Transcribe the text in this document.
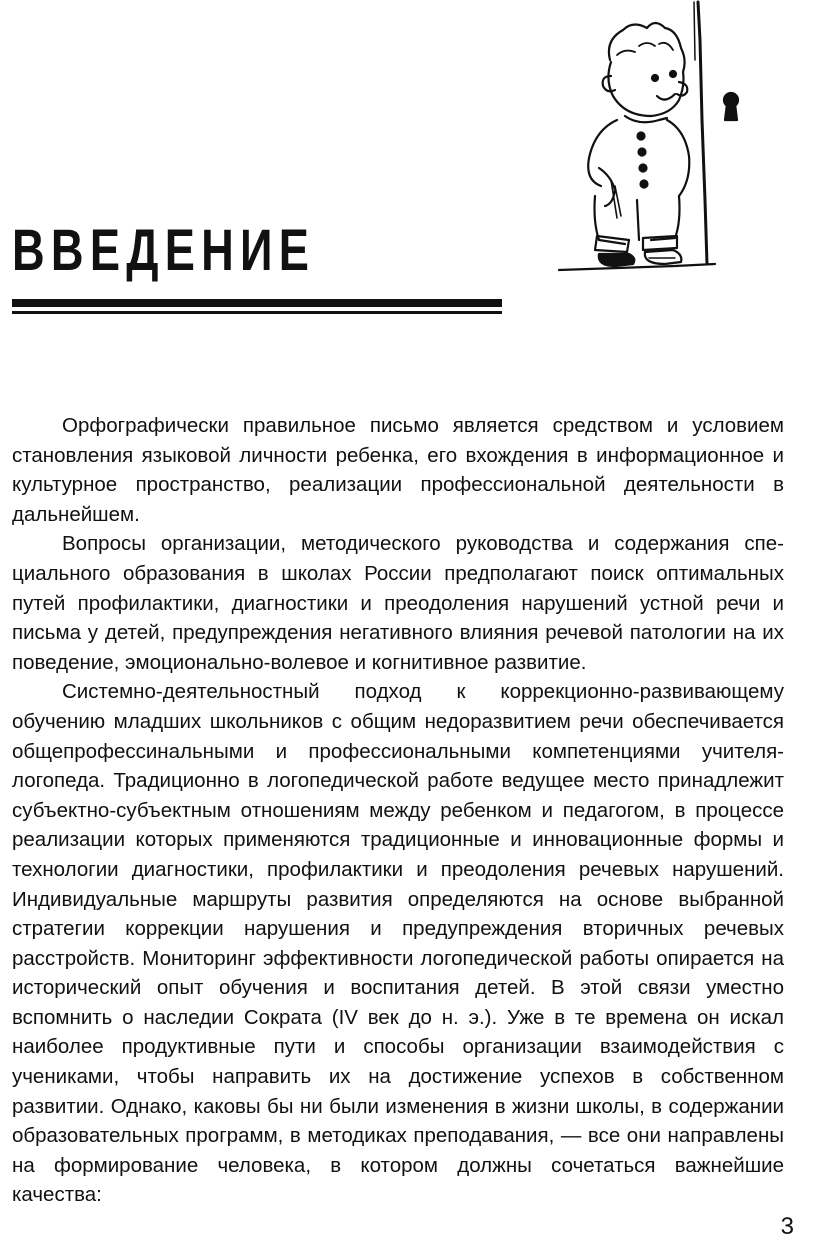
ВВЕДЕНИЕ

Орфографически правильное письмо является средством и условием становления языковой личности ребенка, его вхождения в информационное и культурное пространство, реализации профессиональной деятельности в дальнейшем.

Вопросы организации, методического руководства и содержания специального образования в школах России предполагают поиск оптимальных путей профилактики, диагностики и преодоления нарушений устной речи и письма у детей, предупреждения негативного влияния речевой патологии на их поведение, эмоционально-волевое и когнитивное развитие.

Системно-деятельностный подход к коррекционно-развивающему обучению младших школьников с общим недоразвитием речи обеспечивается общепрофессинальными и профессиональными компетенциями учителя-логопеда. Традиционно в логопедической работе ведущее место принадлежит субъектно-субъектным отношениям между ребенком и педагогом, в процессе реализации которых применяются традиционные и инновационные формы и технологии диагностики, профилактики и преодоления речевых нарушений. Индивидуальные маршруты развития определяются на основе выбранной стратегии коррекции нарушения и предупреждения вторичных речевых расстройств. Мониторинг эффективности логопедической работы опирается на исторический опыт обучения и воспитания детей. В этой связи уместно вспомнить о наследии Сократа (IV век до н. э.). Уже в те времена он искал наиболее продуктивные пути и способы организации взаимодействия с учениками, чтобы направить их на достижение успехов в собственном развитии. Однако, каковы бы ни были изменения в жизни школы, в содержании образовательных программ, в методиках преподавания, — все они направлены на формирование человека, в котором должны сочетаться важнейшие качества:

3
